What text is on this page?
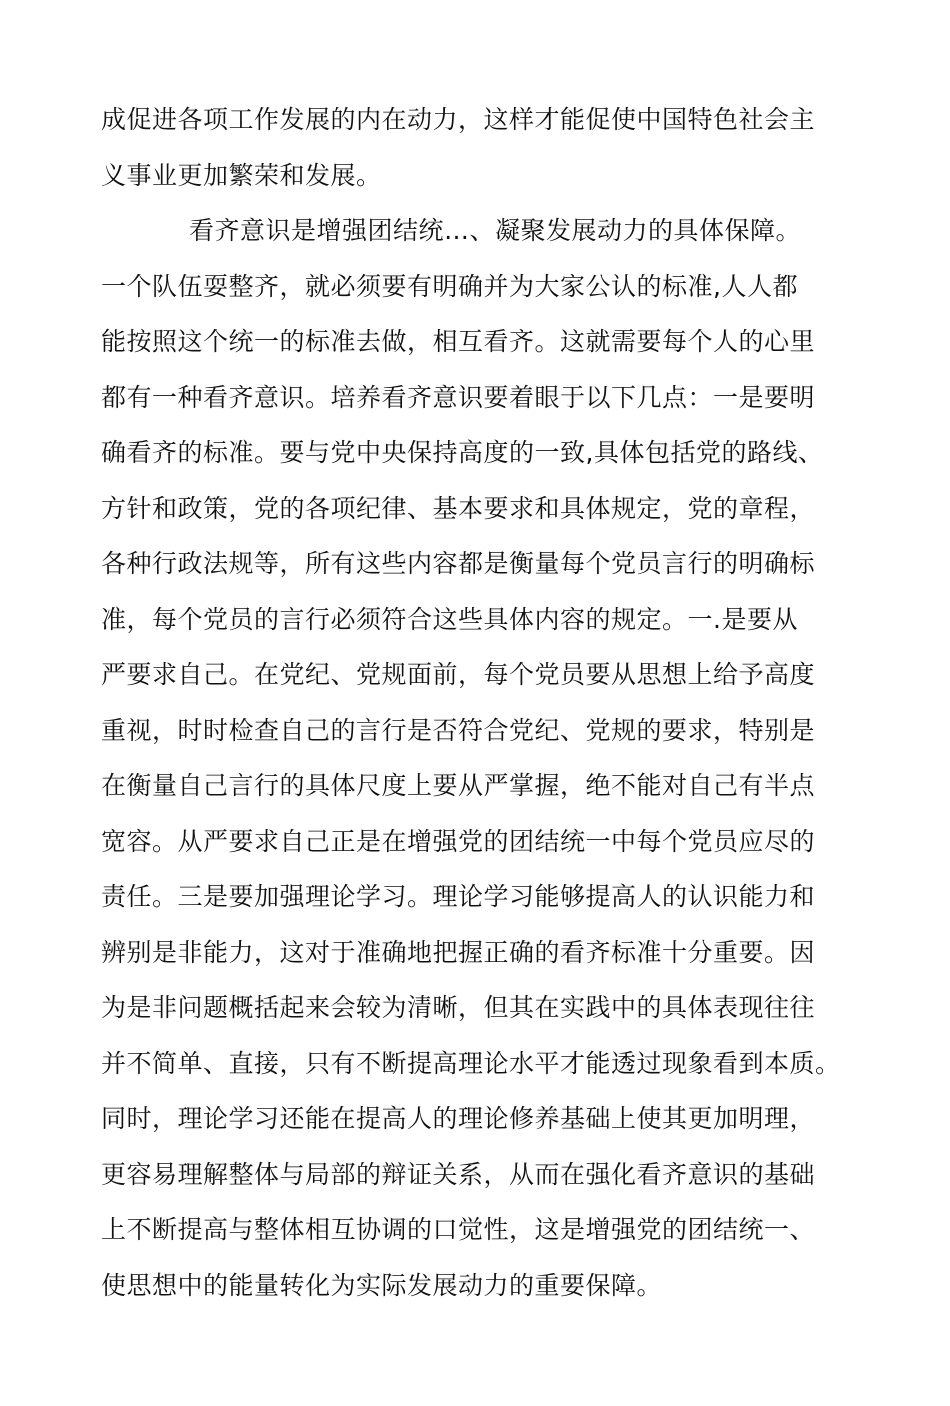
成促进各项工作发展的内在动力，这样才能促使中国特色社会主
义事业更加繁荣和发展。
看齐意识是增强团结统…、凝聚发展动力的具体保障。
一个队伍耍整齐，就必须要有明确并为大家公认的标准,人人都
能按照这个统一的标准去做，相互看齐。这就需要每个人的心里
都有一种看齐意识。培养看齐意识要着眼于以下几点：一是要明
确看齐的标准。要与党中央保持高度的一致,具体包括党的路线、
方针和政策，党的各项纪律、基本要求和具体规定，党的章程，
各种行政法规等，所有这些内容都是衡量每个党员言行的明确标
准，每个党员的言行必须符合这些具体内容的规定。一.是要从
严要求自己。在党纪、党规面前，每个党员要从思想上给予高度
重视，时时检查自己的言行是否符合党纪、党规的要求，特别是
在衡量自己言行的具体尺度上要从严掌握，绝不能对自己有半点
宽容。从严要求自己正是在增强党的团结统一中每个党员应尽的
责任。三是要加强理论学习。理论学习能够提高人的认识能力和
辨别是非能力，这对于准确地把握正确的看齐标准十分重要。因
为是非问题概括起来会较为清晰，但其在实践中的具体表现往往
并不简单、直接，只有不断提高理论水平才能透过现象看到本质。
同时，理论学习还能在提高人的理论修养基础上使其更加明理，
更容易理解整体与局部的辩证关系，从而在强化看齐意识的基础
上不断提高与整体相互协调的口觉性，这是增强党的团结统一、
使思想中的能量转化为实际发展动力的重要保障。
